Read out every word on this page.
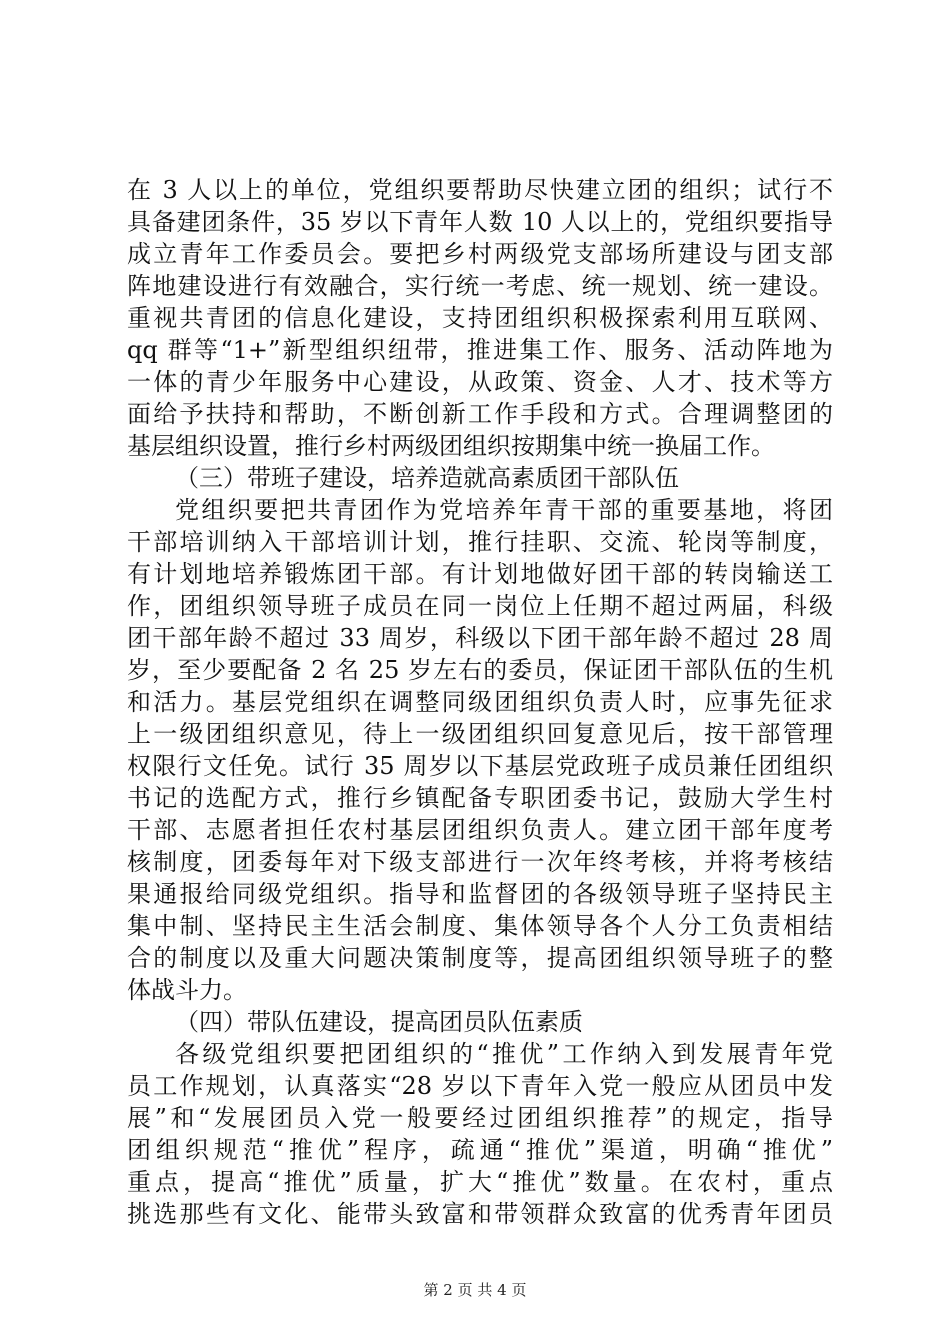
在 3 人以上的单位，党组织要帮助尽快建立团的组织；试行不
具备建团条件，35 岁以下青年人数 10 人以上的，党组织要指导
成立青年工作委员会。要把乡村两级党支部场所建设与团支部
阵地建设进行有效融合，实行统一考虑、统一规划、统一建设。
重视共青团的信息化建设，支持团组织积极探索利用互联网、
qq 群等“1+”新型组织纽带，推进集工作、服务、活动阵地为
一体的青少年服务中心建设，从政策、资金、人才、技术等方
面给予扶持和帮助，不断创新工作手段和方式。合理调整团的
基层组织设置，推行乡村两级团组织按期集中统一换届工作。
（三）带班子建设，培养造就高素质团干部队伍
党组织要把共青团作为党培养年青干部的重要基地，将团
干部培训纳入干部培训计划，推行挂职、交流、轮岗等制度，
有计划地培养锻炼团干部。有计划地做好团干部的转岗输送工
作，团组织领导班子成员在同一岗位上任期不超过两届，科级
团干部年龄不超过 33 周岁，科级以下团干部年龄不超过 28 周
岁，至少要配备 2 名 25 岁左右的委员，保证团干部队伍的生机
和活力。基层党组织在调整同级团组织负责人时，应事先征求
上一级团组织意见，待上一级团组织回复意见后，按干部管理
权限行文任免。试行 35 周岁以下基层党政班子成员兼任团组织
书记的选配方式，推行乡镇配备专职团委书记，鼓励大学生村
干部、志愿者担任农村基层团组织负责人。建立团干部年度考
核制度，团委每年对下级支部进行一次年终考核，并将考核结
果通报给同级党组织。指导和监督团的各级领导班子坚持民主
集中制、坚持民主生活会制度、集体领导各个人分工负责相结
合的制度以及重大问题决策制度等，提高团组织领导班子的整
体战斗力。
（四）带队伍建设，提高团员队伍素质
各级党组织要把团组织的“推优”工作纳入到发展青年党
员工作规划，认真落实“28 岁以下青年入党一般应从团员中发
展”和“发展团员入党一般要经过团组织推荐”的规定，指导
团组织规范“推优”程序，疏通“推优”渠道，明确“推优”
重点，提高“推优”质量，扩大“推优”数量。在农村，重点
挑选那些有文化、能带头致富和带领群众致富的优秀青年团员
第 2 页 共 4 页
